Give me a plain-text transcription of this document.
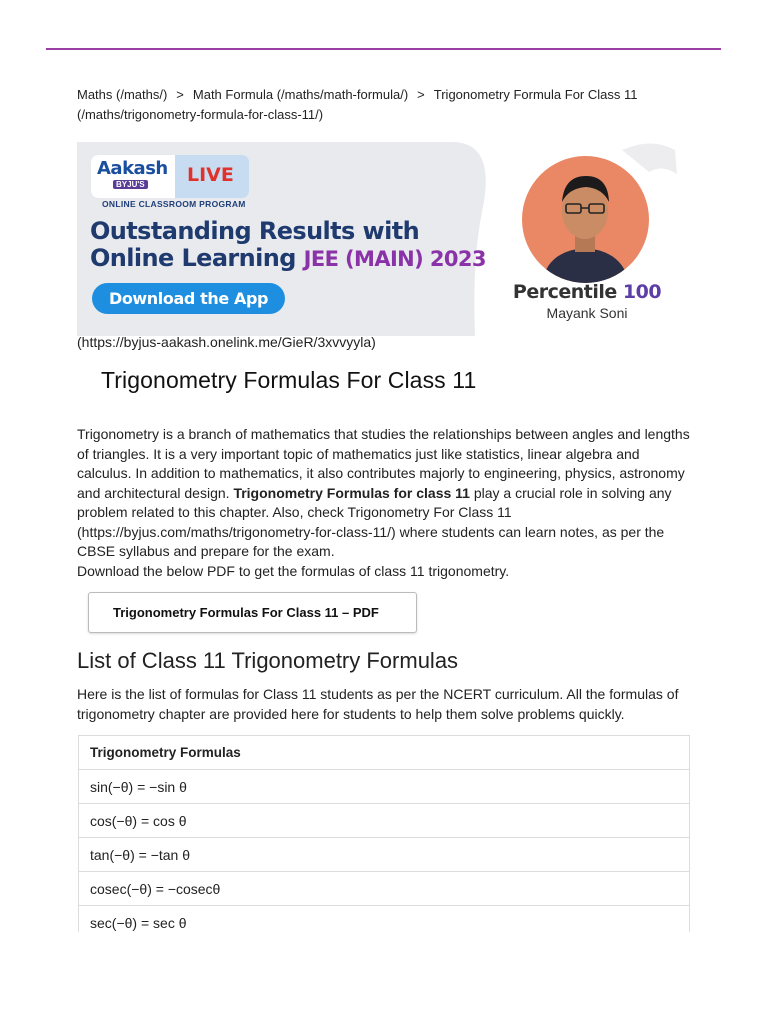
Maths (/maths/) > Math Formula (/maths/math-formula/) > Trigonometry Formula For Class 11
(/maths/trigonometry-formula-for-class-11/)
Aakash
BYJU'S LIVE
ONLINE CLASSROOM PROGRAM
Outstanding Results with
Online Learning JEE (MAIN) 2023
Download the App	Percentile 100
Mayank Soni
(https://byjus-aakash.onelink.me/GieR/3xvvyyla)
Trigonometry Formulas For Class 11

Trigonometry is a branch of mathematics that studies the relationships between angles and lengths of triangles. It is a very important topic of mathematics just like statistics, linear algebra and calculus. In addition to mathematics, it also contributes majorly to engineering, physics, astronomy and architectural design. Trigonometry Formulas for class 11 play a crucial role in solving any problem related to this chapter. Also, check Trigonometry For Class 11 (https://byjus.com/maths/trigonometry-for-class-11/) where students can learn notes, as per the CBSE syllabus and prepare for the exam.
Download the below PDF to get the formulas of class 11 trigonometry.

Trigonometry Formulas For Class 11 – PDF
List of Class 11 Trigonometry Formulas

Here is the list of formulas for Class 11 students as per the NCERT curriculum. All the formulas of trigonometry chapter are provided here for students to help them solve problems quickly.

Trigonometry Formulas
sin(−θ) = −sin θ
cos(−θ) = cos θ
tan(−θ) = −tan θ
cosec(−θ) = −cosecθ
sec(−θ) = sec θ
